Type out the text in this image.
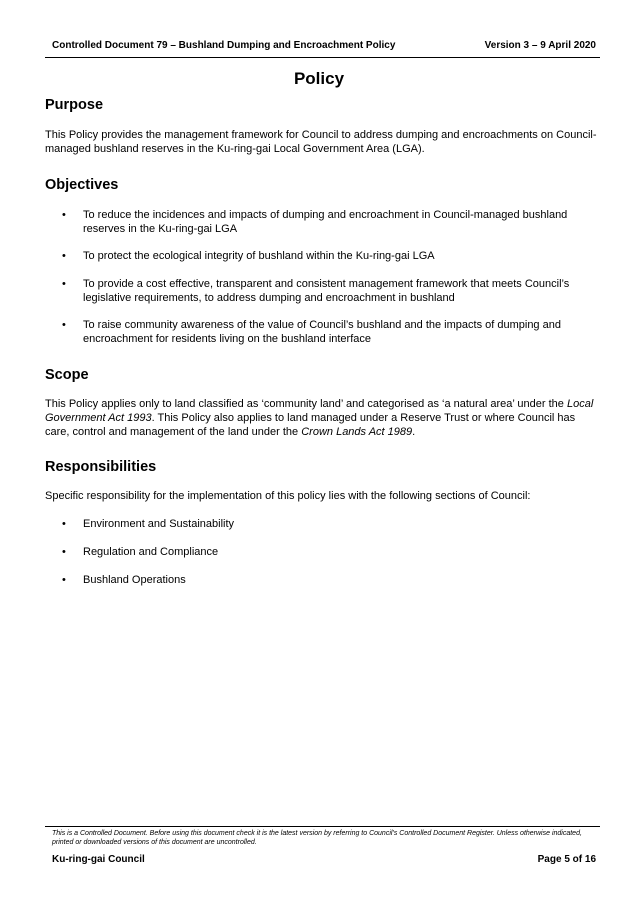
Controlled Document 79 – Bushland Dumping and Encroachment Policy	Version 3 – 9 April 2020
Policy
Purpose
This Policy provides the management framework for Council to address dumping and encroachments on Council-managed bushland reserves in the Ku-ring-gai Local Government Area (LGA).
Objectives
• To reduce the incidences and impacts of dumping and encroachment in Council-managed bushland reserves in the Ku-ring-gai LGA
• To protect the ecological integrity of bushland within the Ku-ring-gai LGA
• To provide a cost effective, transparent and consistent management framework that meets Council’s legislative requirements, to address dumping and encroachment in bushland
• To raise community awareness of the value of Council’s bushland and the impacts of dumping and encroachment for residents living on the bushland interface
Scope
This Policy applies only to land classified as ‘community land’ and categorised as ‘a natural area’ under the Local Government Act 1993. This Policy also applies to land managed under a Reserve Trust or where Council has care, control and management of the land under the Crown Lands Act 1989.
Responsibilities
Specific responsibility for the implementation of this policy lies with the following sections of Council:
• Environment and Sustainability
• Regulation and Compliance
• Bushland Operations
This is a Controlled Document. Before using this document check it is the latest version by referring to Council’s Controlled Document Register. Unless otherwise indicated, printed or downloaded versions of this document are uncontrolled.
Ku-ring-gai Council	Page 5 of 16
